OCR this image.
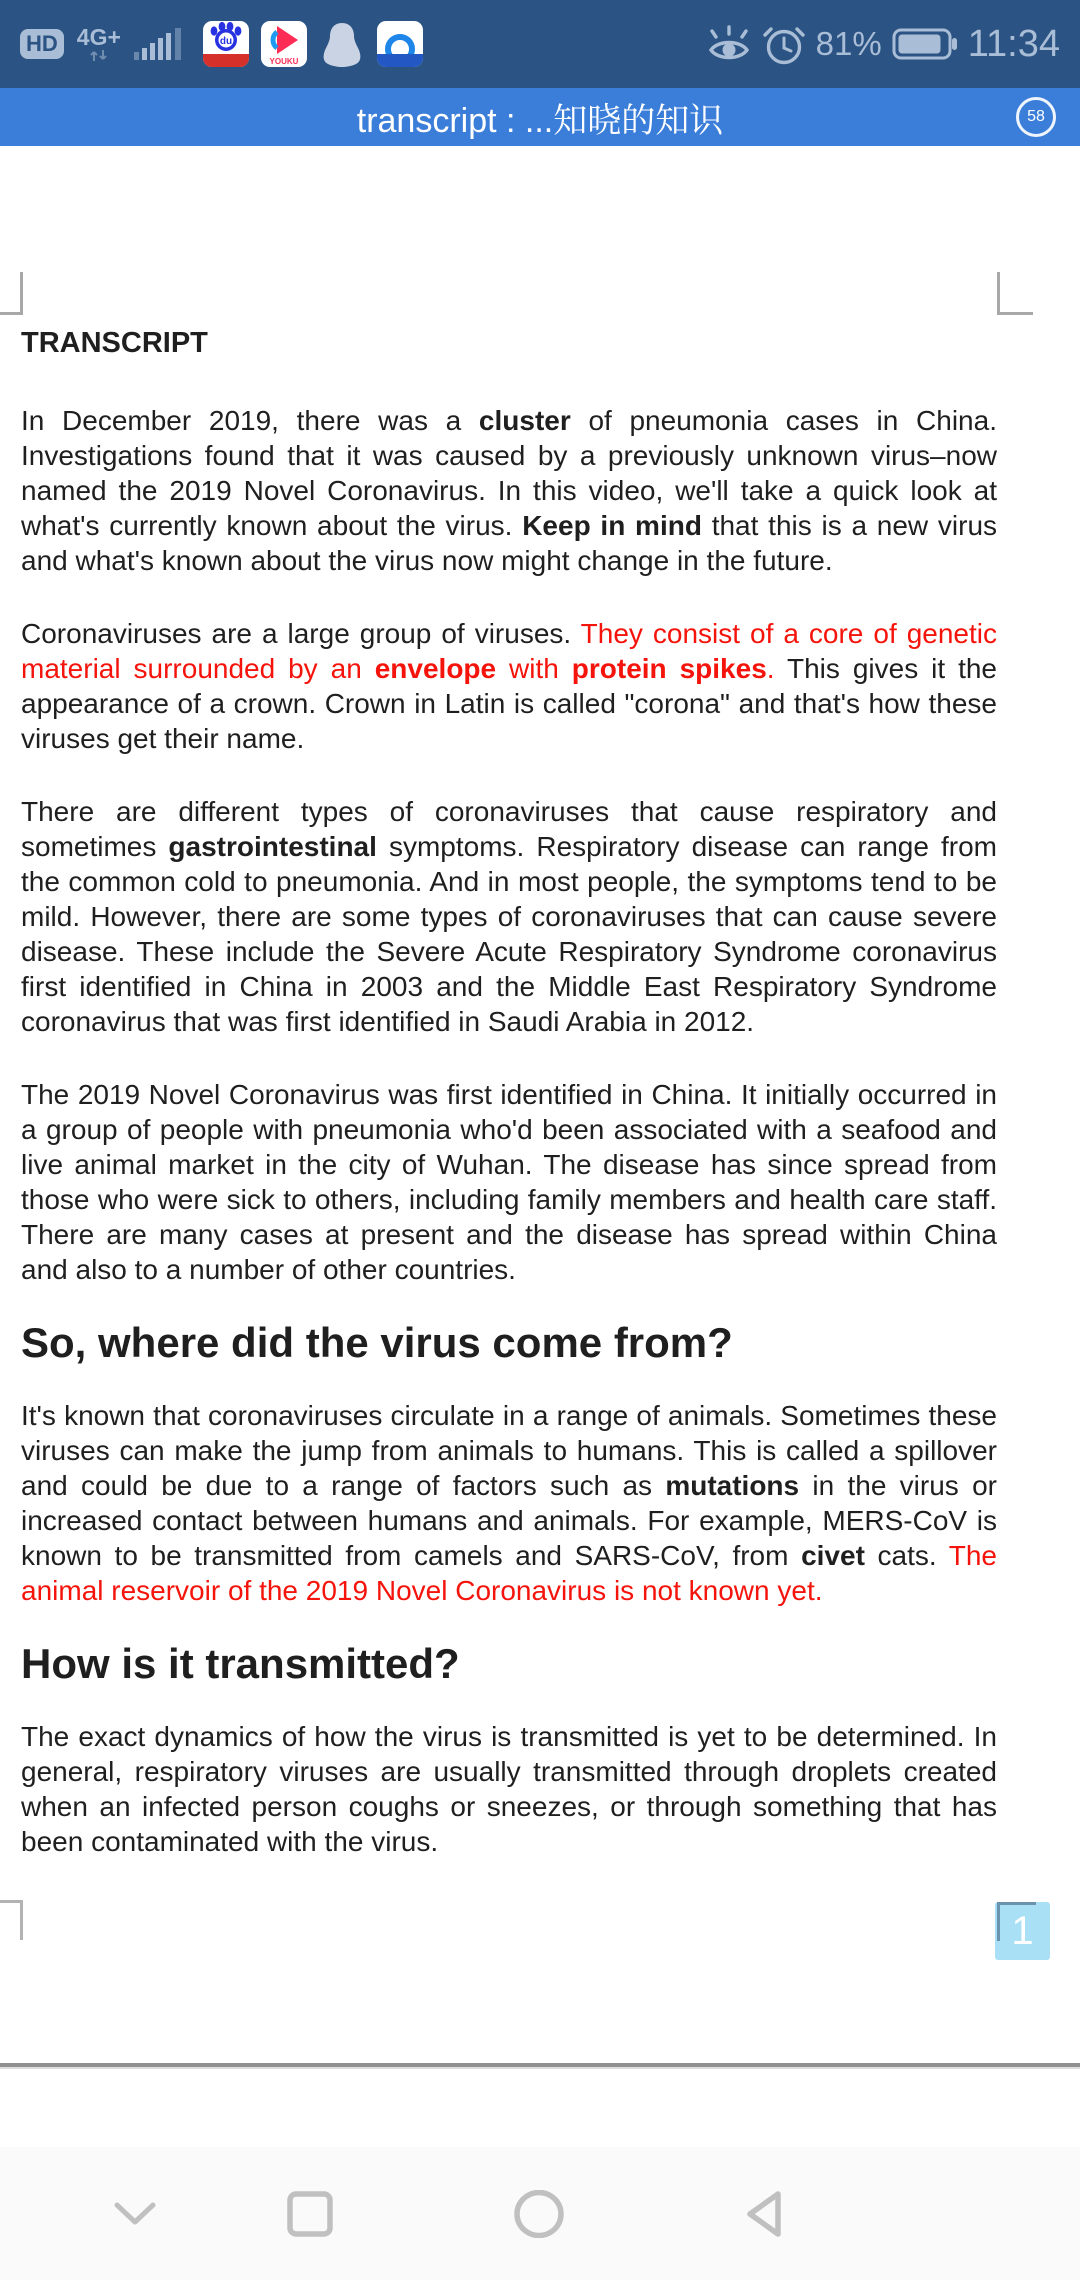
HD 4G+	du
YOUKU	81% 11:34
transcript : ...知晓的知识	58
TRANSCRIPT

In December 2019, there was a cluster of pneumonia cases in China. Investigations found that it was caused by a previously unknown virus–now named the 2019 Novel Coronavirus. In this video, we'll take a quick look at what's currently known about the virus. Keep in mind that this is a new virus and what's known about the virus now might change in the future.

Coronaviruses are a large group of viruses. They consist of a core of genetic material surrounded by an envelope with protein spikes. This gives it the appearance of a crown. Crown in Latin is called "corona" and that's how these viruses get their name.

There are different types of coronaviruses that cause respiratory and sometimes gastrointestinal symptoms. Respiratory disease can range from the common cold to pneumonia. And in most people, the symptoms tend to be mild. However, there are some types of coronaviruses that can cause severe disease. These include the Severe Acute Respiratory Syndrome coronavirus first identified in China in 2003 and the Middle East Respiratory Syndrome coronavirus that was first identified in Saudi Arabia in 2012.

The 2019 Novel Coronavirus was first identified in China. It initially occurred in a group of people with pneumonia who'd been associated with a seafood and live animal market in the city of Wuhan. The disease has since spread from those who were sick to others, including family members and health care staff. There are many cases at present and the disease has spread within China and also to a number of other countries.

So, where did the virus come from?

It's known that coronaviruses circulate in a range of animals. Sometimes these viruses can make the jump from animals to humans. This is called a spillover and could be due to a range of factors such as mutations in the virus or increased contact between humans and animals. For example, MERS-CoV is known to be transmitted from camels and SARS-CoV, from civet cats. The animal reservoir of the 2019 Novel Coronavirus is not known yet.

How is it transmitted?

The exact dynamics of how the virus is transmitted is yet to be determined. In general, respiratory viruses are usually transmitted through droplets created when an infected person coughs or sneezes, or through something that has been contaminated with the virus.

1
